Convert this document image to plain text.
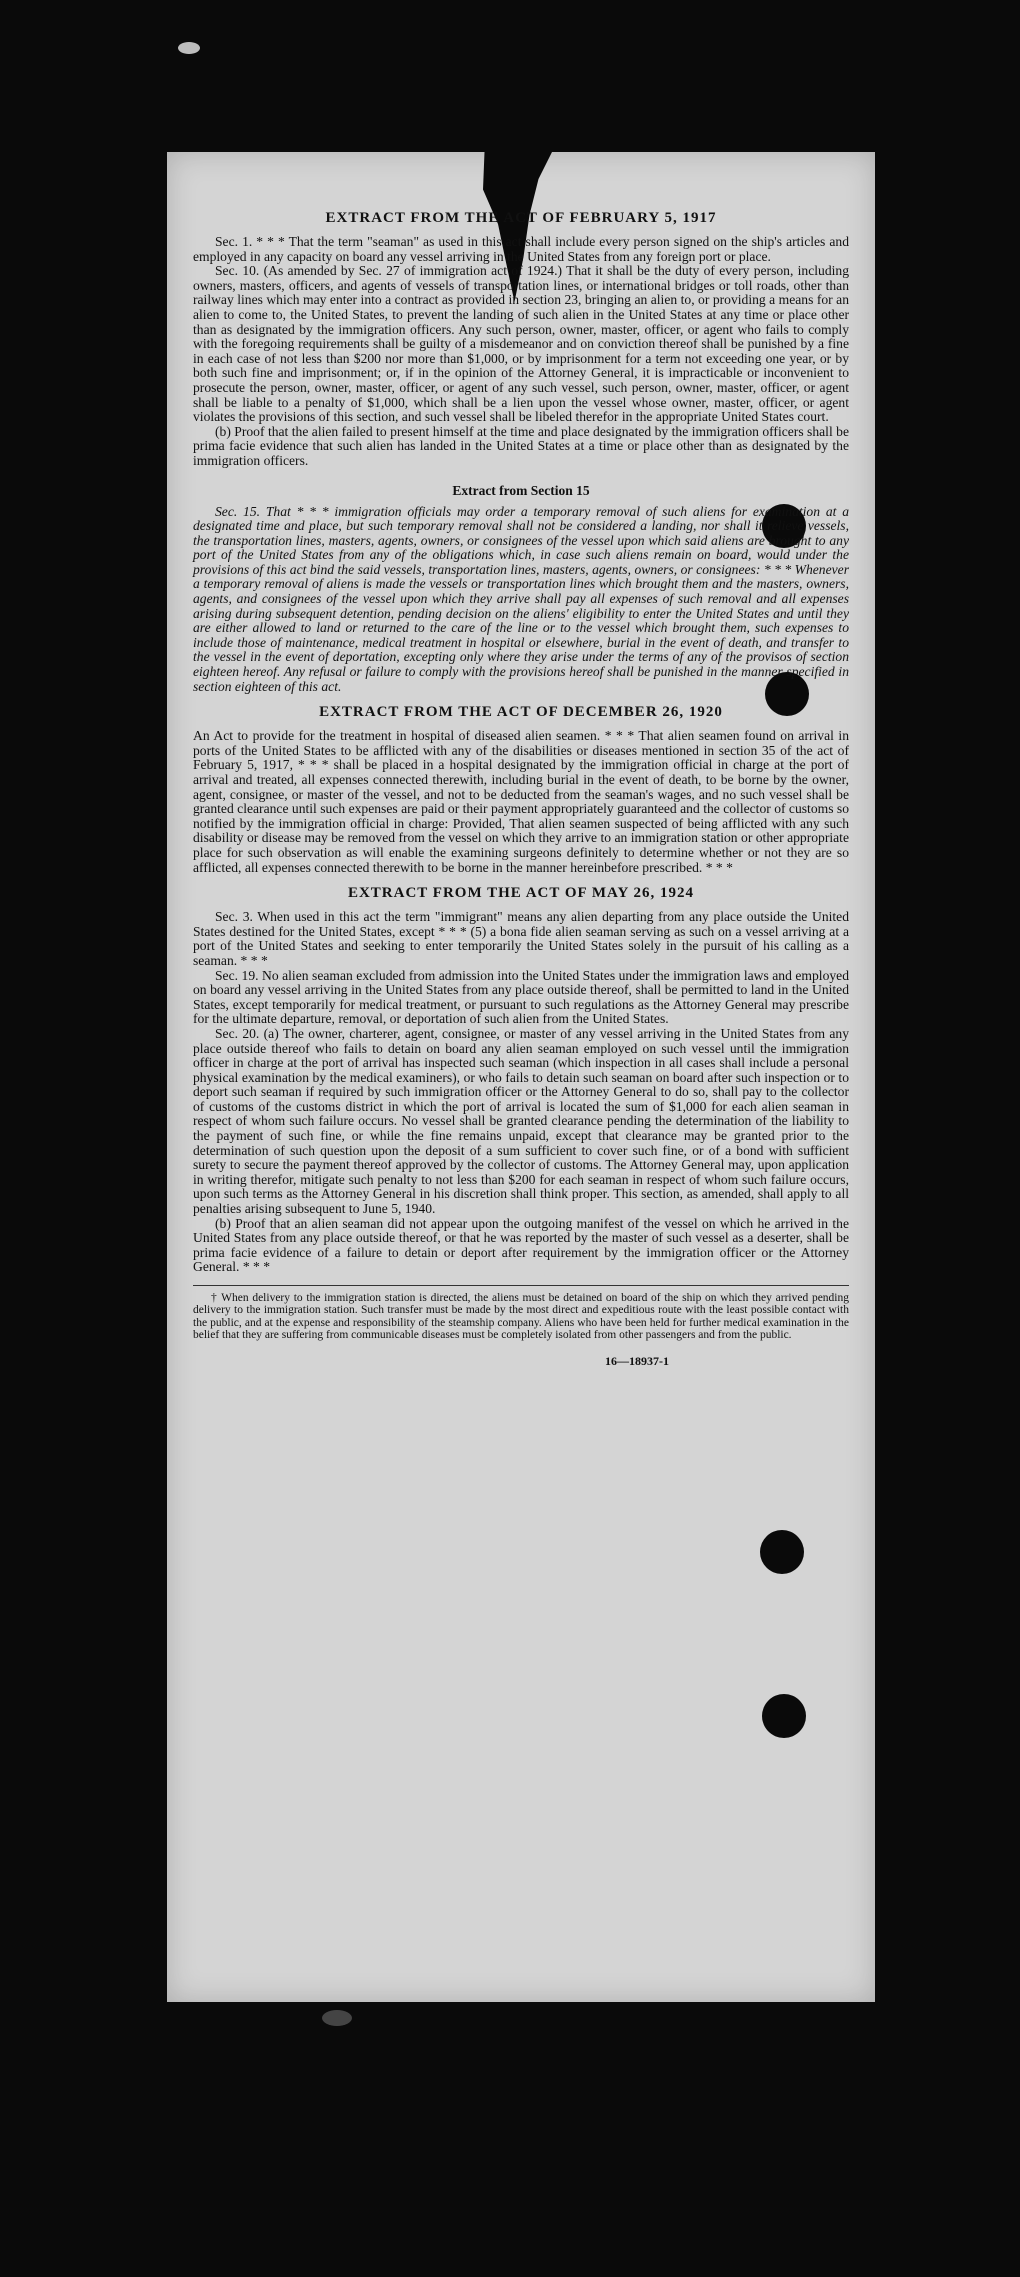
EXTRACT FROM THE ACT OF FEBRUARY 5, 1917

Sec. 1. * * * That the term "seaman" as used in this act shall include every person signed on the ship's articles and employed in any capacity on board any vessel arriving in the United States from any foreign port or place.

Sec. 10. (As amended by Sec. 27 of immigration act of 1924.) That it shall be the duty of every person, including owners, masters, officers, and agents of vessels of transportation lines, or international bridges or toll roads, other than railway lines which may enter into a contract as provided in section 23, bringing an alien to, or providing a means for an alien to come to, the United States, to prevent the landing of such alien in the United States at any time or place other than as designated by the immigration officers. Any such person, owner, master, officer, or agent who fails to comply with the foregoing requirements shall be guilty of a misdemeanor and on conviction thereof shall be punished by a fine in each case of not less than $200 nor more than $1,000, or by imprisonment for a term not exceeding one year, or by both such fine and imprisonment; or, if in the opinion of the Attorney General, it is impracticable or inconvenient to prosecute the person, owner, master, officer, or agent of any such vessel, such person, owner, master, officer, or agent shall be liable to a penalty of $1,000, which shall be a lien upon the vessel whose owner, master, officer, or agent violates the provisions of this section, and such vessel shall be libeled therefor in the appropriate United States court.

(b) Proof that the alien failed to present himself at the time and place designated by the immigration officers shall be prima facie evidence that such alien has landed in the United States at a time or place other than as designated by the immigration officers.

Extract from Section 15

Sec. 15. That * * * immigration officials may order a temporary removal of such aliens for examination at a designated time and place, but such temporary removal shall not be considered a landing, nor shall it relieve vessels, the transportation lines, masters, agents, owners, or consignees of the vessel upon which said aliens are brought to any port of the United States from any of the obligations which, in case such aliens remain on board, would under the provisions of this act bind the said vessels, transportation lines, masters, agents, owners, or consignees: * * * Whenever a temporary removal of aliens is made the vessels or transportation lines which brought them and the masters, owners, agents, and consignees of the vessel upon which they arrive shall pay all expenses of such removal and all expenses arising during subsequent detention, pending decision on the aliens' eligibility to enter the United States and until they are either allowed to land or returned to the care of the line or to the vessel which brought them, such expenses to include those of maintenance, medical treatment in hospital or elsewhere, burial in the event of death, and transfer to the vessel in the event of deportation, excepting only where they arise under the terms of any of the provisos of section eighteen hereof. Any refusal or failure to comply with the provisions hereof shall be punished in the manner specified in section eighteen of this act.

EXTRACT FROM THE ACT OF DECEMBER 26, 1920

An Act to provide for the treatment in hospital of diseased alien seamen. * * * That alien seamen found on arrival in ports of the United States to be afflicted with any of the disabilities or diseases mentioned in section 35 of the act of February 5, 1917, * * * shall be placed in a hospital designated by the immigration official in charge at the port of arrival and treated, all expenses connected therewith, including burial in the event of death, to be borne by the owner, agent, consignee, or master of the vessel, and not to be deducted from the seaman's wages, and no such vessel shall be granted clearance until such expenses are paid or their payment appropriately guaranteed and the collector of customs so notified by the immigration official in charge: Provided, That alien seamen suspected of being afflicted with any such disability or disease may be removed from the vessel on which they arrive to an immigration station or other appropriate place for such observation as will enable the examining surgeons definitely to determine whether or not they are so afflicted, all expenses connected therewith to be borne in the manner hereinbefore prescribed. * * *

EXTRACT FROM THE ACT OF MAY 26, 1924

Sec. 3. When used in this act the term "immigrant" means any alien departing from any place outside the United States destined for the United States, except * * * (5) a bona fide alien seaman serving as such on a vessel arriving at a port of the United States and seeking to enter temporarily the United States solely in the pursuit of his calling as a seaman. * * *

Sec. 19. No alien seaman excluded from admission into the United States under the immigration laws and employed on board any vessel arriving in the United States from any place outside thereof, shall be permitted to land in the United States, except temporarily for medical treatment, or pursuant to such regulations as the Attorney General may prescribe for the ultimate departure, removal, or deportation of such alien from the United States.

Sec. 20. (a) The owner, charterer, agent, consignee, or master of any vessel arriving in the United States from any place outside thereof who fails to detain on board any alien seaman employed on such vessel until the immigration officer in charge at the port of arrival has inspected such seaman (which inspection in all cases shall include a personal physical examination by the medical examiners), or who fails to detain such seaman on board after such inspection or to deport such seaman if required by such immigration officer or the Attorney General to do so, shall pay to the collector of customs of the customs district in which the port of arrival is located the sum of $1,000 for each alien seaman in respect of whom such failure occurs. No vessel shall be granted clearance pending the determination of the liability to the payment of such fine, or while the fine remains unpaid, except that clearance may be granted prior to the determination of such question upon the deposit of a sum sufficient to cover such fine, or of a bond with sufficient surety to secure the payment thereof approved by the collector of customs. The Attorney General may, upon application in writing therefor, mitigate such penalty to not less than $200 for each seaman in respect of whom such failure occurs, upon such terms as the Attorney General in his discretion shall think proper. This section, as amended, shall apply to all penalties arising subsequent to June 5, 1940.

(b) Proof that an alien seaman did not appear upon the outgoing manifest of the vessel on which he arrived in the United States from any place outside thereof, or that he was reported by the master of such vessel as a deserter, shall be prima facie evidence of a failure to detain or deport after requirement by the immigration officer or the Attorney General. * * *

† When delivery to the immigration station is directed, the aliens must be detained on board of the ship on which they arrived pending delivery to the immigration station. Such transfer must be made by the most direct and expeditious route with the least possible contact with the public, and at the expense and responsibility of the steamship company. Aliens who have been held for further medical examination in the belief that they are suffering from communicable diseases must be completely isolated from other passengers and from the public.
16—18937-1
